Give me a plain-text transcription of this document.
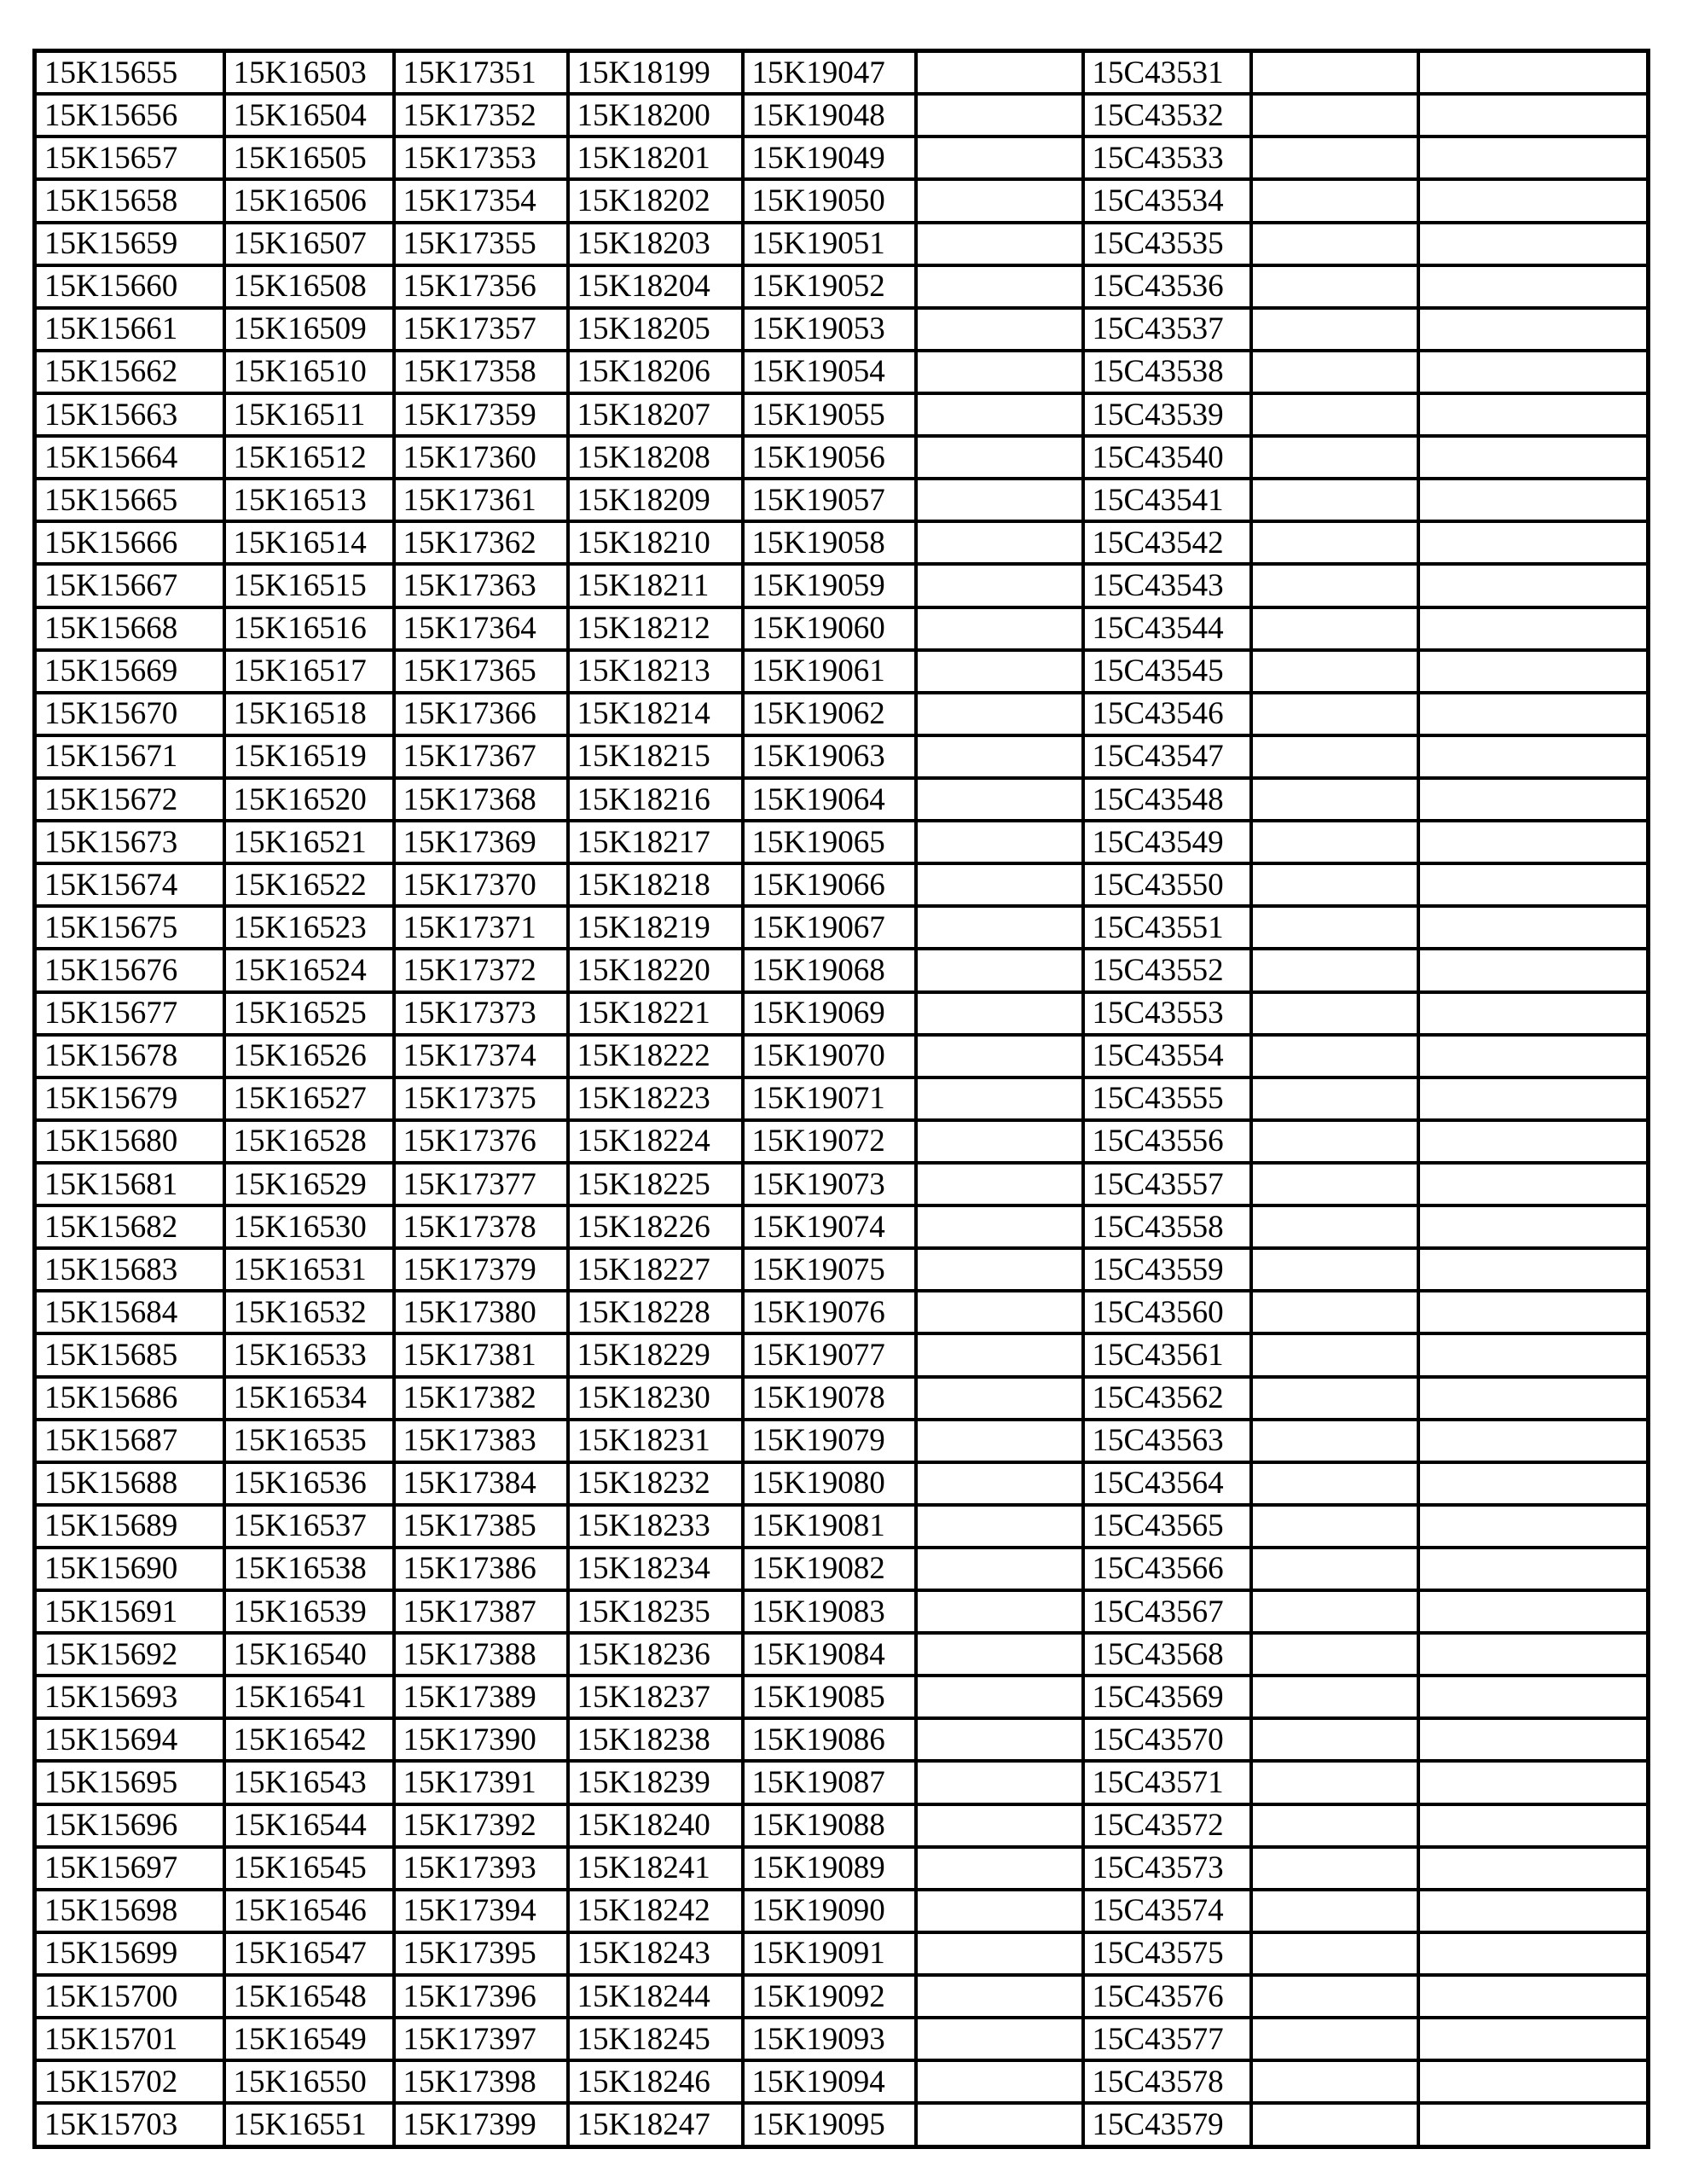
15K15655	15K16503	15K17351	15K18199	15K19047		15C43531		
15K15656	15K16504	15K17352	15K18200	15K19048		15C43532		
15K15657	15K16505	15K17353	15K18201	15K19049		15C43533		
15K15658	15K16506	15K17354	15K18202	15K19050		15C43534		
15K15659	15K16507	15K17355	15K18203	15K19051		15C43535		
15K15660	15K16508	15K17356	15K18204	15K19052		15C43536		
15K15661	15K16509	15K17357	15K18205	15K19053		15C43537		
15K15662	15K16510	15K17358	15K18206	15K19054		15C43538		
15K15663	15K16511	15K17359	15K18207	15K19055		15C43539		
15K15664	15K16512	15K17360	15K18208	15K19056		15C43540		
15K15665	15K16513	15K17361	15K18209	15K19057		15C43541		
15K15666	15K16514	15K17362	15K18210	15K19058		15C43542		
15K15667	15K16515	15K17363	15K18211	15K19059		15C43543		
15K15668	15K16516	15K17364	15K18212	15K19060		15C43544		
15K15669	15K16517	15K17365	15K18213	15K19061		15C43545		
15K15670	15K16518	15K17366	15K18214	15K19062		15C43546		
15K15671	15K16519	15K17367	15K18215	15K19063		15C43547		
15K15672	15K16520	15K17368	15K18216	15K19064		15C43548		
15K15673	15K16521	15K17369	15K18217	15K19065		15C43549		
15K15674	15K16522	15K17370	15K18218	15K19066		15C43550		
15K15675	15K16523	15K17371	15K18219	15K19067		15C43551		
15K15676	15K16524	15K17372	15K18220	15K19068		15C43552		
15K15677	15K16525	15K17373	15K18221	15K19069		15C43553		
15K15678	15K16526	15K17374	15K18222	15K19070		15C43554		
15K15679	15K16527	15K17375	15K18223	15K19071		15C43555		
15K15680	15K16528	15K17376	15K18224	15K19072		15C43556		
15K15681	15K16529	15K17377	15K18225	15K19073		15C43557		
15K15682	15K16530	15K17378	15K18226	15K19074		15C43558		
15K15683	15K16531	15K17379	15K18227	15K19075		15C43559		
15K15684	15K16532	15K17380	15K18228	15K19076		15C43560		
15K15685	15K16533	15K17381	15K18229	15K19077		15C43561		
15K15686	15K16534	15K17382	15K18230	15K19078		15C43562		
15K15687	15K16535	15K17383	15K18231	15K19079		15C43563		
15K15688	15K16536	15K17384	15K18232	15K19080		15C43564		
15K15689	15K16537	15K17385	15K18233	15K19081		15C43565		
15K15690	15K16538	15K17386	15K18234	15K19082		15C43566		
15K15691	15K16539	15K17387	15K18235	15K19083		15C43567		
15K15692	15K16540	15K17388	15K18236	15K19084		15C43568		
15K15693	15K16541	15K17389	15K18237	15K19085		15C43569		
15K15694	15K16542	15K17390	15K18238	15K19086		15C43570		
15K15695	15K16543	15K17391	15K18239	15K19087		15C43571		
15K15696	15K16544	15K17392	15K18240	15K19088		15C43572		
15K15697	15K16545	15K17393	15K18241	15K19089		15C43573		
15K15698	15K16546	15K17394	15K18242	15K19090		15C43574		
15K15699	15K16547	15K17395	15K18243	15K19091		15C43575		
15K15700	15K16548	15K17396	15K18244	15K19092		15C43576		
15K15701	15K16549	15K17397	15K18245	15K19093		15C43577		
15K15702	15K16550	15K17398	15K18246	15K19094		15C43578		
15K15703	15K16551	15K17399	15K18247	15K19095		15C43579		
